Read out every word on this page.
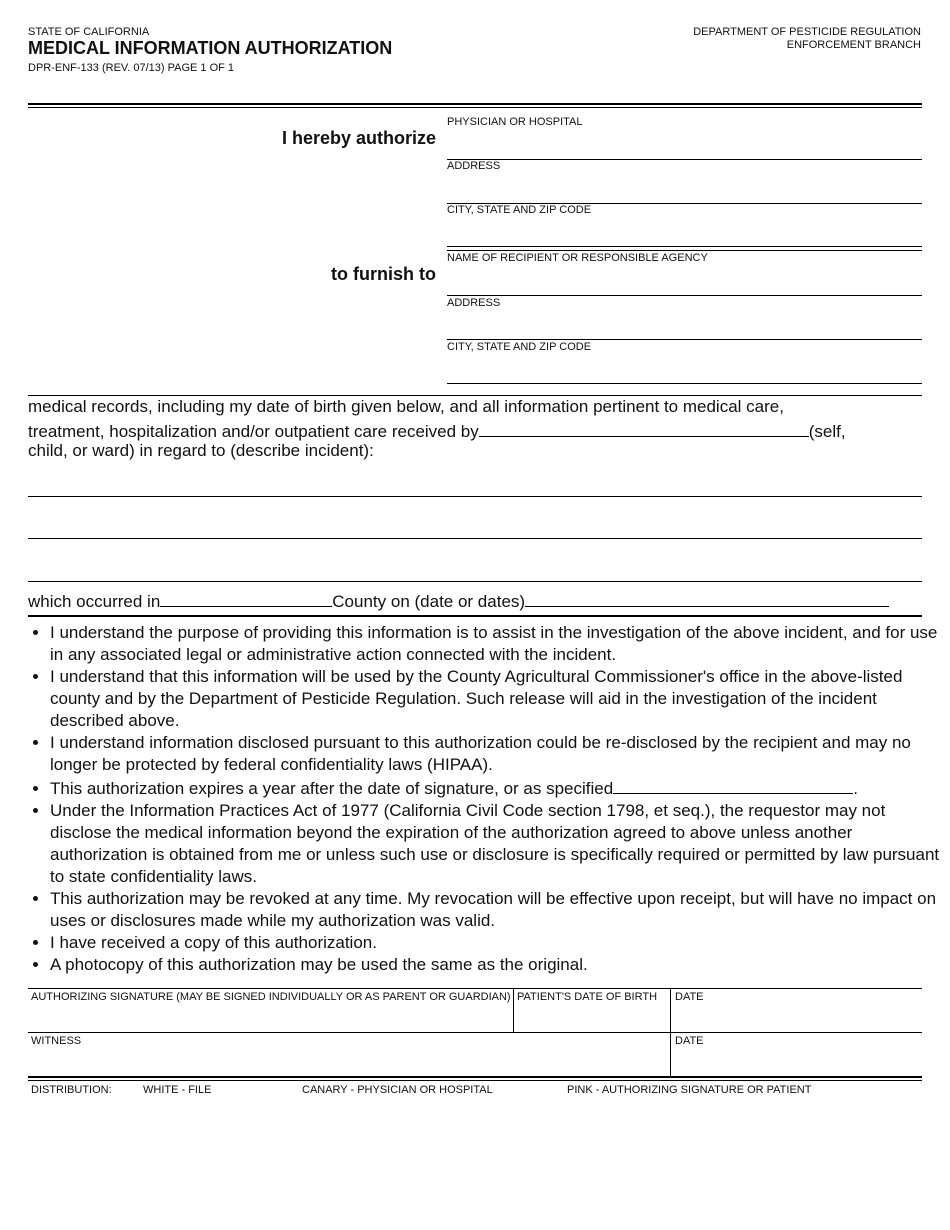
STATE OF CALIFORNIA
MEDICAL INFORMATION AUTHORIZATION
DPR-ENF-133 (REV. 07/13) PAGE 1 OF 1
DEPARTMENT OF PESTICIDE REGULATION
ENFORCEMENT BRANCH
I hereby authorize
PHYSICIAN OR HOSPITAL
ADDRESS
CITY, STATE AND ZIP CODE
to furnish to
NAME OF RECIPIENT OR RESPONSIBLE AGENCY
ADDRESS
CITY, STATE AND ZIP CODE
medical records, including my date of birth given below, and all information pertinent to medical care,
treatment, hospitalization and/or outpatient care received by	(self,
child, or ward) in regard to (describe incident):
which occurred in	County on (date or dates)
• I understand the purpose of providing this information is to assist in the investigation of the above incident, and for use in any associated legal or administrative action connected with the incident.
• I understand that this information will be used by the County Agricultural Commissioner's office in the above-listed county and by the Department of Pesticide Regulation. Such release will aid in the investigation of the incident described above.
• I understand information disclosed pursuant to this authorization could be re-disclosed by the recipient and may no longer be protected by federal confidentiality laws (HIPAA).
• This authorization expires a year after the date of signature, or as specified	.
• Under the Information Practices Act of 1977 (California Civil Code section 1798, et seq.), the requestor may not disclose the medical information beyond the expiration of the authorization agreed to above unless another authorization is obtained from me or unless such use or disclosure is specifically required or permitted by law pursuant to state confidentiality laws.
• This authorization may be revoked at any time. My revocation will be effective upon receipt, but will have no impact on uses or disclosures made while my authorization was valid.
• I have received a copy of this authorization.
• A photocopy of this authorization may be used the same as the original.
AUTHORIZING SIGNATURE (MAY BE SIGNED INDIVIDUALLY OR AS PARENT OR GUARDIAN) PATIENT'S DATE OF BIRTH DATE
WITNESS	DATE
DISTRIBUTION:	WHITE - FILE	CANARY - PHYSICIAN OR HOSPITAL	PINK - AUTHORIZING SIGNATURE OR PATIENT
